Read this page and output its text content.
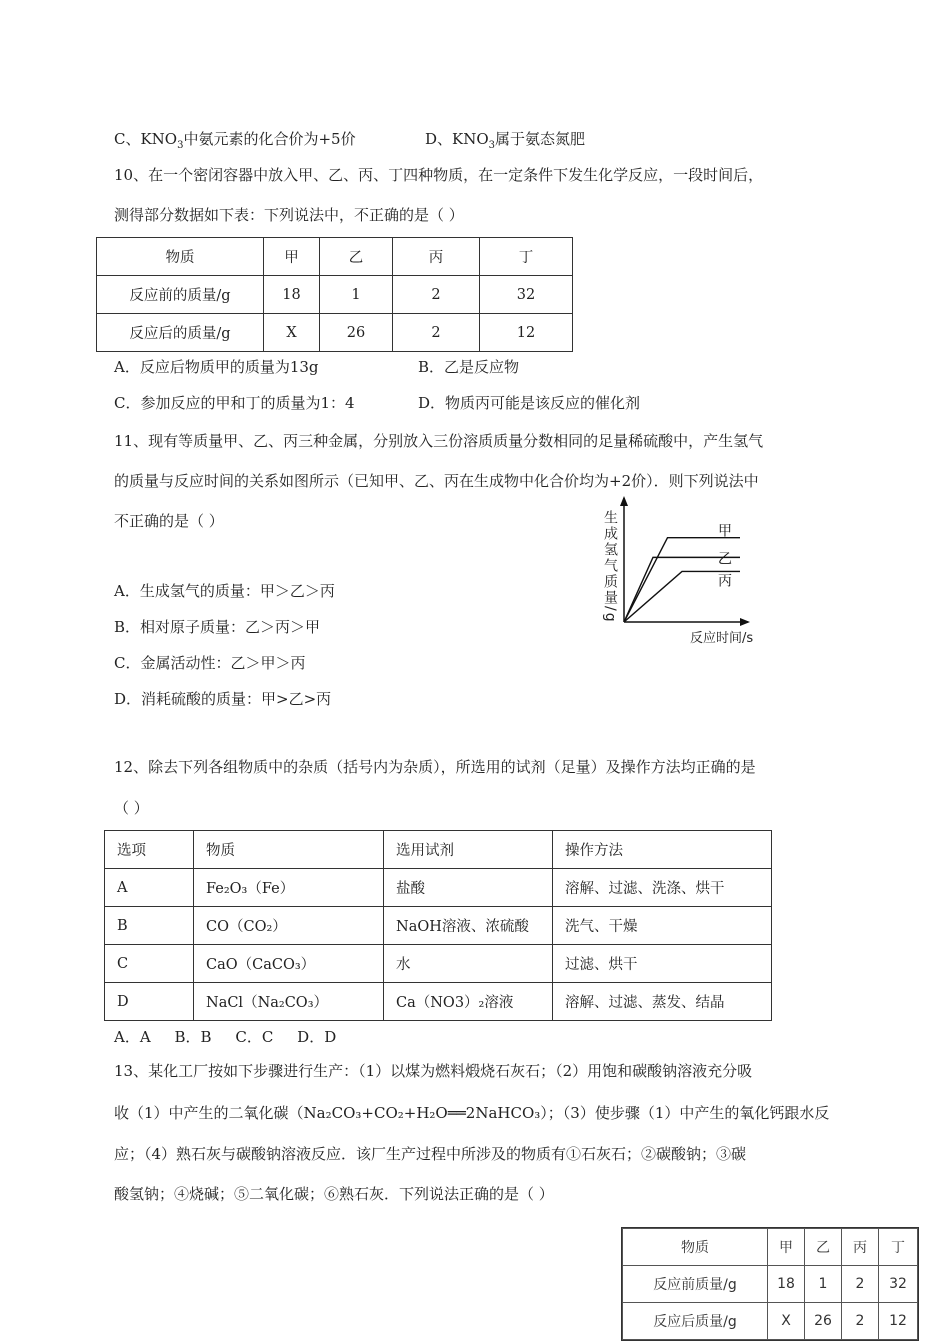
C、$KNO_3$中氨元素的化合价为+5价	D、$KNO_3$属于氨态氮肥
10、在一个密闭容器中放入甲、乙、丙、丁四种物质，在一定条件下发生化学反应，一段时间后，
测得部分数据如下表：下列说法中，不正确的是（ ）
物质	甲	乙	丙	丁
反应前的质量/g	18	1	2	32
反应后的质量/g	X	26	2	12
A．反应后物质甲的质量为13g	B．乙是反应物
C．参加反应的甲和丁的质量为1：4	D．物质丙可能是该反应的催化剂
11、现有等质量甲、乙、丙三种金属，分别放入三份溶质质量分数相同的足量稀硫酸中，产生氢气
的质量与反应时间的关系如图所示（已知甲、乙、丙在生成物中化合价均为+2价）．则下列说法中
不正确的是（ ）	生成氢气质量/g	甲
乙
丙
反应时间/s
A．生成氢气的质量：甲＞乙＞丙
B．相对原子质量：乙＞丙＞甲
C．金属活动性：乙＞甲＞丙
D．消耗硫酸的质量：甲>乙>丙
12、除去下列各组物质中的杂质（括号内为杂质），所选用的试剂（足量）及操作方法均正确的是
（ ）
选项	物质	选用试剂	操作方法
A	Fe₂O₃（Fe）	盐酸	溶解、过滤、洗涤、烘干
B	CO（CO₂）	NaOH溶液、浓硫酸	洗气、干燥
C	CaO（CaCO₃）	水	过滤、烘干
D	NaCl（Na₂CO₃）	Ca（NO3）₂溶液	溶解、过滤、蒸发、结晶
A．A     B．B     C．C     D．D
13、某化工厂按如下步骤进行生产：（1）以煤为燃料煅烧石灰石；（2）用饱和碳酸钠溶液充分吸
收（1）中产生的二氧化碳（Na₂CO₃+CO₂+H₂O══2NaHCO₃）；（3）使步骤（1）中产生的氧化钙跟水反
应；（4）熟石灰与碳酸钠溶液反应．该厂生产过程中所涉及的物质有①石灰石；②碳酸钠；③碳
酸氢钠；④烧碱；⑤二氧化碳；⑥熟石灰．下列说法正确的是（ ）
物质	甲	乙	丙	丁
反应前质量/g	18	1	2	32
反应后质量/g	X	26	2	12
